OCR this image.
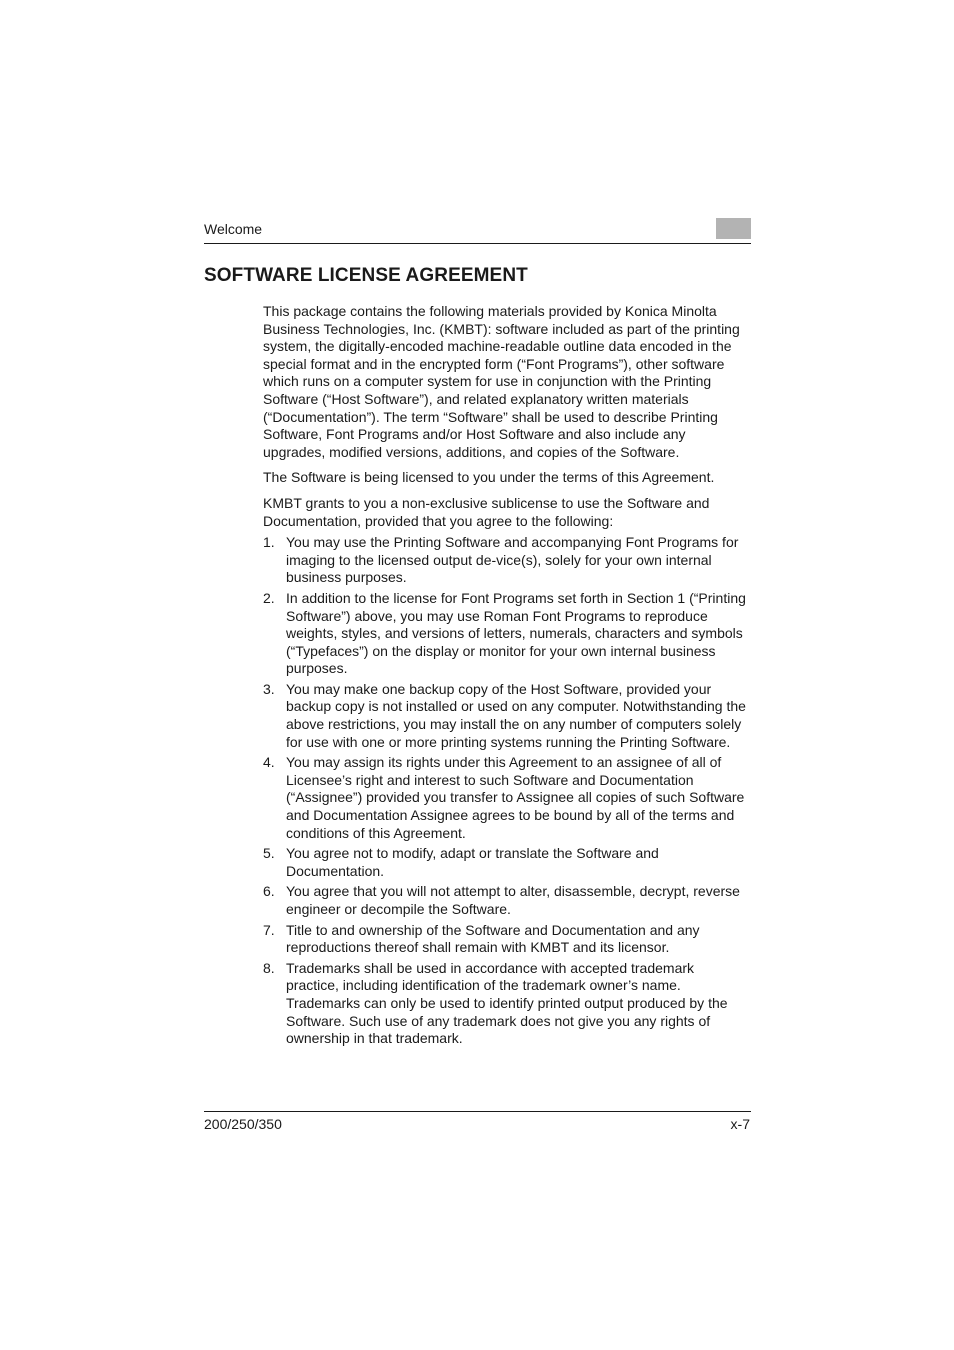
Welcome
SOFTWARE LICENSE AGREEMENT

This package contains the following materials provided by Konica Minolta Business Technologies, Inc. (KMBT): software included as part of the printing system, the digitally-encoded machine-readable outline data encoded in the special format and in the encrypted form (“Font Programs”), other software which runs on a computer system for use in conjunction with the Printing Software (“Host Software”), and related explanatory written materials (“Documentation”). The term “Software” shall be used to describe Printing Software, Font Programs and/or Host Software and also include any upgrades, modified versions, additions, and copies of the Software.

The Software is being licensed to you under the terms of this Agreement.

KMBT grants to you a non-exclusive sublicense to use the Software and Documentation, provided that you agree to the following:

1. You may use the Printing Software and accompanying Font Programs for imaging to the licensed output de-vice(s), solely for your own internal business purposes.
2. In addition to the license for Font Programs set forth in Section 1 (“Printing Software”) above, you may use Roman Font Programs to reproduce weights, styles, and versions of letters, numerals, characters and symbols (“Typefaces”) on the display or monitor for your own internal business purposes.
3. You may make one backup copy of the Host Software, provided your backup copy is not installed or used on any computer. Notwithstanding the above restrictions, you may install the on any number of computers solely for use with one or more printing systems running the Printing Software.
4. You may assign its rights under this Agreement to an assignee of all of Licensee’s right and interest to such Software and Documentation (“Assignee”) provided you transfer to Assignee all copies of such Software and Documentation Assignee agrees to be bound by all of the terms and conditions of this Agreement.
5. You agree not to modify, adapt or translate the Software and Documentation.
6. You agree that you will not attempt to alter, disassemble, decrypt, reverse engineer or decompile the Software.
7. Title to and ownership of the Software and Documentation and any reproductions thereof shall remain with KMBT and its licensor.
8. Trademarks shall be used in accordance with accepted trademark practice, including identification of the trademark owner’s name. Trademarks can only be used to identify printed output produced by the Software. Such use of any trademark does not give you any rights of ownership in that trademark.
200/250/350	x-7
